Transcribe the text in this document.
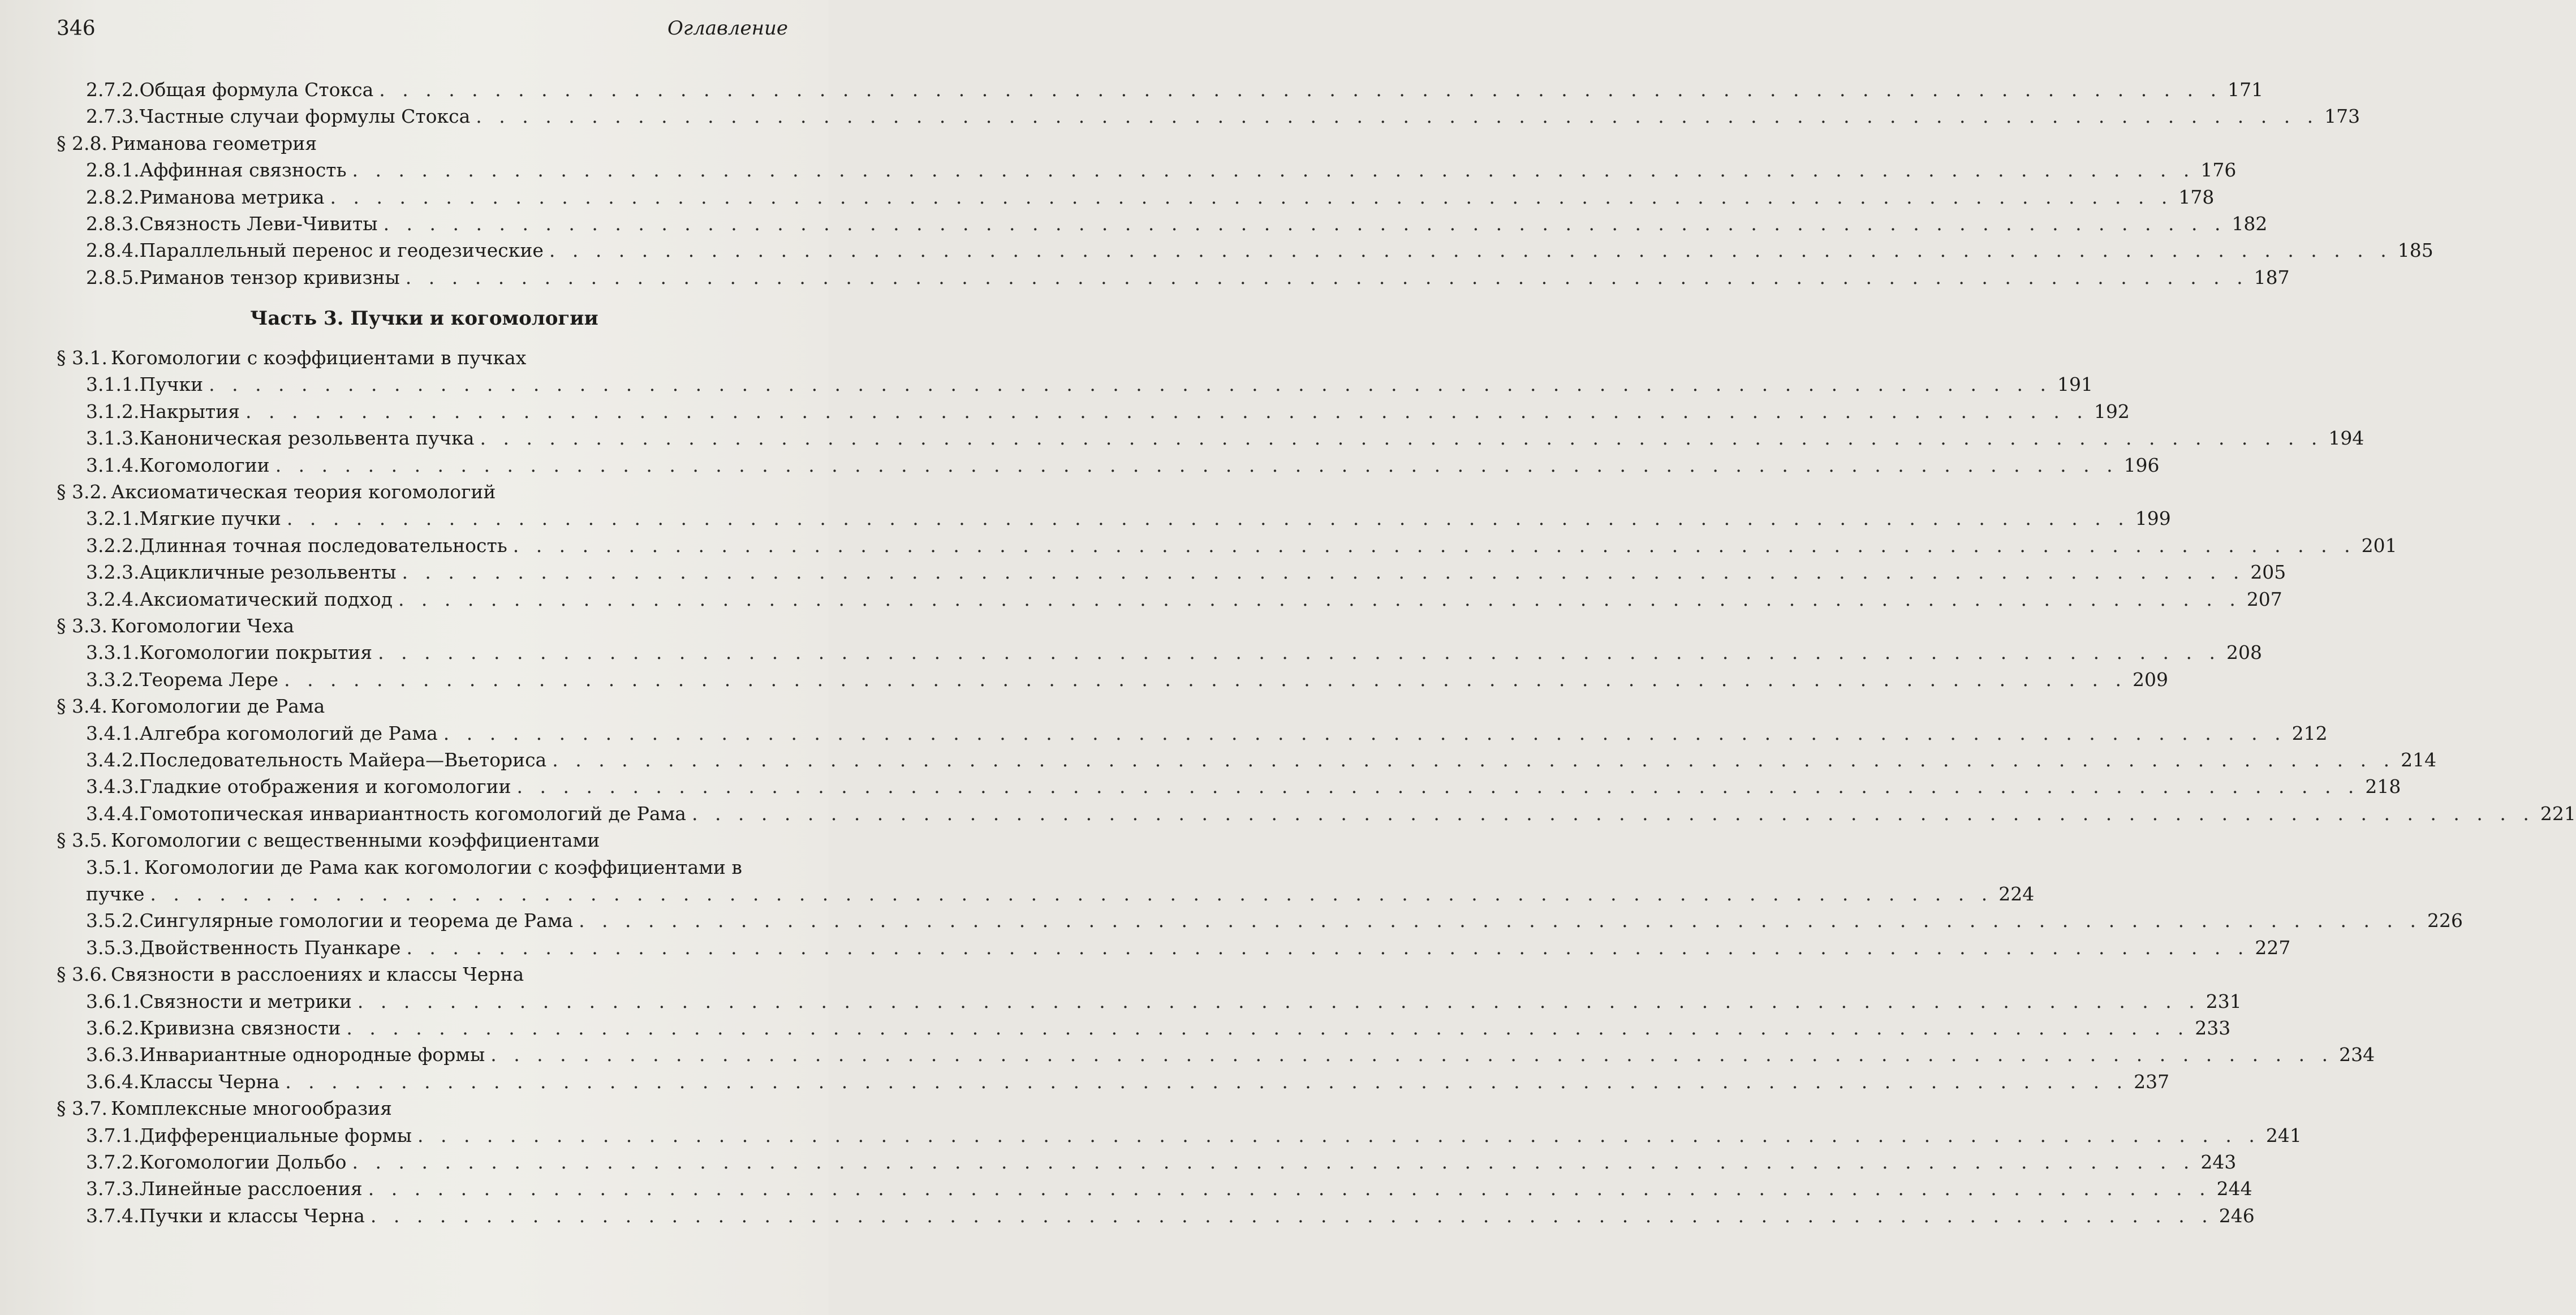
346	Оглавление
2.7.2. Общая формула Стокса . . . . . . . . . . . . . . . . . . . . . . . . . . . . . . . . . . . . . . . . . . . . . . . . . . . . . . . . . . . . . . . . . . . . . . . . . . . . . . . . 171
2.7.3. Частные случаи формулы Стокса . . . . . . . . . . . . . . . . . . . . . . . . . . . . . . . . . . . . . . . . . . . . . . . . . . . . . . . . . . . . . . . . . . . . . . . . . . . . . . . . 173
§ 2.8. Риманова геометрия
2.8.1. Аффинная связность . . . . . . . . . . . . . . . . . . . . . . . . . . . . . . . . . . . . . . . . . . . . . . . . . . . . . . . . . . . . . . . . . . . . . . . . . . . . . . . . 176
2.8.2. Риманова метрика . . . . . . . . . . . . . . . . . . . . . . . . . . . . . . . . . . . . . . . . . . . . . . . . . . . . . . . . . . . . . . . . . . . . . . . . . . . . . . . . 178
2.8.3. Связность Леви-Чивиты . . . . . . . . . . . . . . . . . . . . . . . . . . . . . . . . . . . . . . . . . . . . . . . . . . . . . . . . . . . . . . . . . . . . . . . . . . . . . . . . 182
2.8.4. Параллельный перенос и геодезические . . . . . . . . . . . . . . . . . . . . . . . . . . . . . . . . . . . . . . . . . . . . . . . . . . . . . . . . . . . . . . . . . . . . . . . . . . . . . . . . 185
2.8.5. Риманов тензор кривизны . . . . . . . . . . . . . . . . . . . . . . . . . . . . . . . . . . . . . . . . . . . . . . . . . . . . . . . . . . . . . . . . . . . . . . . . . . . . . . . . 187
Часть 3. Пучки и когомологии
§ 3.1. Когомологии с коэффициентами в пучках
3.1.1. Пучки . . . . . . . . . . . . . . . . . . . . . . . . . . . . . . . . . . . . . . . . . . . . . . . . . . . . . . . . . . . . . . . . . . . . . . . . . . . . . . . . 191
3.1.2. Накрытия . . . . . . . . . . . . . . . . . . . . . . . . . . . . . . . . . . . . . . . . . . . . . . . . . . . . . . . . . . . . . . . . . . . . . . . . . . . . . . . . 192
3.1.3. Каноническая резольвента пучка . . . . . . . . . . . . . . . . . . . . . . . . . . . . . . . . . . . . . . . . . . . . . . . . . . . . . . . . . . . . . . . . . . . . . . . . . . . . . . . . 194
3.1.4. Когомологии . . . . . . . . . . . . . . . . . . . . . . . . . . . . . . . . . . . . . . . . . . . . . . . . . . . . . . . . . . . . . . . . . . . . . . . . . . . . . . . . 196
§ 3.2. Аксиоматическая теория когомологий
3.2.1. Мягкие пучки . . . . . . . . . . . . . . . . . . . . . . . . . . . . . . . . . . . . . . . . . . . . . . . . . . . . . . . . . . . . . . . . . . . . . . . . . . . . . . . . 199
3.2.2. Длинная точная последовательность . . . . . . . . . . . . . . . . . . . . . . . . . . . . . . . . . . . . . . . . . . . . . . . . . . . . . . . . . . . . . . . . . . . . . . . . . . . . . . . . 201
3.2.3. Ацикличные резольвенты . . . . . . . . . . . . . . . . . . . . . . . . . . . . . . . . . . . . . . . . . . . . . . . . . . . . . . . . . . . . . . . . . . . . . . . . . . . . . . . . 205
3.2.4. Аксиоматический подход . . . . . . . . . . . . . . . . . . . . . . . . . . . . . . . . . . . . . . . . . . . . . . . . . . . . . . . . . . . . . . . . . . . . . . . . . . . . . . . . 207
§ 3.3. Когомологии Чеха
3.3.1. Когомологии покрытия . . . . . . . . . . . . . . . . . . . . . . . . . . . . . . . . . . . . . . . . . . . . . . . . . . . . . . . . . . . . . . . . . . . . . . . . . . . . . . . . 208
3.3.2. Теорема Лере . . . . . . . . . . . . . . . . . . . . . . . . . . . . . . . . . . . . . . . . . . . . . . . . . . . . . . . . . . . . . . . . . . . . . . . . . . . . . . . . 209
§ 3.4. Когомологии де Рама
3.4.1. Алгебра когомологий де Рама . . . . . . . . . . . . . . . . . . . . . . . . . . . . . . . . . . . . . . . . . . . . . . . . . . . . . . . . . . . . . . . . . . . . . . . . . . . . . . . . 212
3.4.2. Последовательность Майера—Вьеториса . . . . . . . . . . . . . . . . . . . . . . . . . . . . . . . . . . . . . . . . . . . . . . . . . . . . . . . . . . . . . . . . . . . . . . . . . . . . . . . . 214
3.4.3. Гладкие отображения и когомологии . . . . . . . . . . . . . . . . . . . . . . . . . . . . . . . . . . . . . . . . . . . . . . . . . . . . . . . . . . . . . . . . . . . . . . . . . . . . . . . . 218
3.4.4. Гомотопическая инвариантность когомологий де Рама . . . . . . . . . . . . . . . . . . . . . . . . . . . . . . . . . . . . . . . . . . . . . . . . . . . . . . . . . . . . . . . . . . . . . . . . . . . . . . . . 221
§ 3.5. Когомологии с вещественными коэффициентами
3.5.1. Когомологии де Рама как когомологии с коэффициентами в
пучке . . . . . . . . . . . . . . . . . . . . . . . . . . . . . . . . . . . . . . . . . . . . . . . . . . . . . . . . . . . . . . . . . . . . . . . . . . . . . . . . 224
3.5.2. Сингулярные гомологии и теорема де Рама . . . . . . . . . . . . . . . . . . . . . . . . . . . . . . . . . . . . . . . . . . . . . . . . . . . . . . . . . . . . . . . . . . . . . . . . . . . . . . . . 226
3.5.3. Двойственность Пуанкаре . . . . . . . . . . . . . . . . . . . . . . . . . . . . . . . . . . . . . . . . . . . . . . . . . . . . . . . . . . . . . . . . . . . . . . . . . . . . . . . . 227
§ 3.6. Связности в расслоениях и классы Черна
3.6.1. Связности и метрики . . . . . . . . . . . . . . . . . . . . . . . . . . . . . . . . . . . . . . . . . . . . . . . . . . . . . . . . . . . . . . . . . . . . . . . . . . . . . . . . 231
3.6.2. Кривизна связности . . . . . . . . . . . . . . . . . . . . . . . . . . . . . . . . . . . . . . . . . . . . . . . . . . . . . . . . . . . . . . . . . . . . . . . . . . . . . . . . 233
3.6.3. Инвариантные однородные формы . . . . . . . . . . . . . . . . . . . . . . . . . . . . . . . . . . . . . . . . . . . . . . . . . . . . . . . . . . . . . . . . . . . . . . . . . . . . . . . . 234
3.6.4. Классы Черна . . . . . . . . . . . . . . . . . . . . . . . . . . . . . . . . . . . . . . . . . . . . . . . . . . . . . . . . . . . . . . . . . . . . . . . . . . . . . . . . 237
§ 3.7. Комплексные многообразия
3.7.1. Дифференциальные формы . . . . . . . . . . . . . . . . . . . . . . . . . . . . . . . . . . . . . . . . . . . . . . . . . . . . . . . . . . . . . . . . . . . . . . . . . . . . . . . . 241
3.7.2. Когомологии Дольбо . . . . . . . . . . . . . . . . . . . . . . . . . . . . . . . . . . . . . . . . . . . . . . . . . . . . . . . . . . . . . . . . . . . . . . . . . . . . . . . . 243
3.7.3. Линейные расслоения . . . . . . . . . . . . . . . . . . . . . . . . . . . . . . . . . . . . . . . . . . . . . . . . . . . . . . . . . . . . . . . . . . . . . . . . . . . . . . . . 244
3.7.4. Пучки и классы Черна . . . . . . . . . . . . . . . . . . . . . . . . . . . . . . . . . . . . . . . . . . . . . . . . . . . . . . . . . . . . . . . . . . . . . . . . . . . . . . . . 246
